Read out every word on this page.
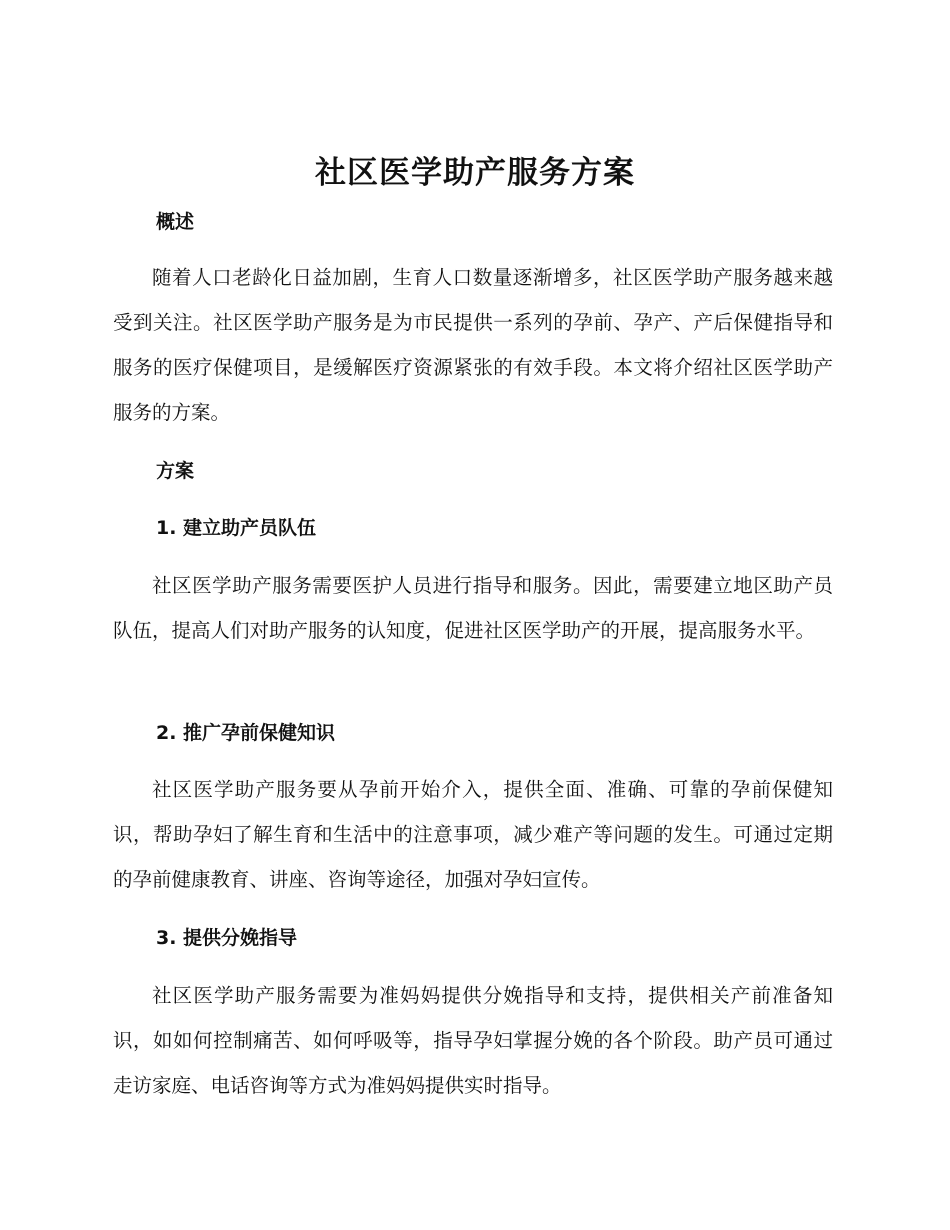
社区医学助产服务方案
概述
随着人口老龄化日益加剧，生育人口数量逐渐增多，社区医学助产服务越来越受到关注。社区医学助产服务是为市民提供一系列的孕前、孕产、产后保健指导和服务的医疗保健项目，是缓解医疗资源紧张的有效手段。本文将介绍社区医学助产服务的方案。
方案
1. 建立助产员队伍
社区医学助产服务需要医护人员进行指导和服务。因此，需要建立地区助产员队伍，提高人们对助产服务的认知度，促进社区医学助产的开展，提高服务水平。
2. 推广孕前保健知识
社区医学助产服务要从孕前开始介入，提供全面、准确、可靠的孕前保健知识，帮助孕妇了解生育和生活中的注意事项，减少难产等问题的发生。可通过定期的孕前健康教育、讲座、咨询等途径，加强对孕妇宣传。
3. 提供分娩指导
社区医学助产服务需要为准妈妈提供分娩指导和支持，提供相关产前准备知识，如如何控制痛苦、如何呼吸等，指导孕妇掌握分娩的各个阶段。助产员可通过走访家庭、电话咨询等方式为准妈妈提供实时指导。
